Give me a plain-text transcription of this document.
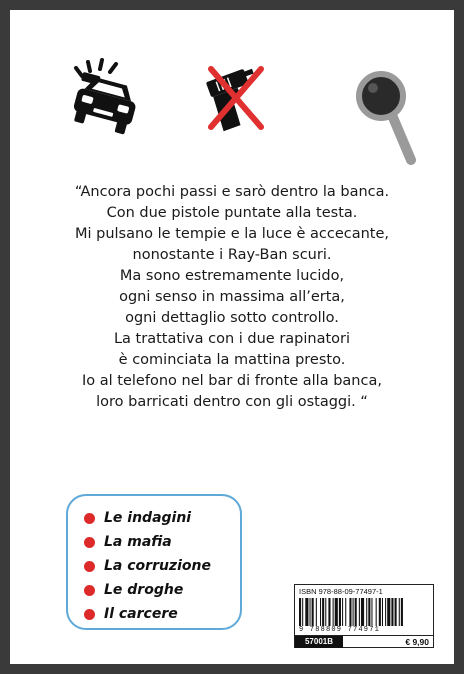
“Ancora pochi passi e sarò dentro la banca.
Con due pistole puntate alla testa.
Mi pulsano le tempie e la luce è accecante,
nonostante i Ray-Ban scuri.
Ma sono estremamente lucido,
ogni senso in massima all’erta,
ogni dettaglio sotto controllo.
La trattativa con i due rapinatori
è cominciata la mattina presto.
Io al telefono nel bar di fronte alla banca,
loro barricati dentro con gli ostaggi. “
Le indagini
La mafia
La corruzione
Le droghe
Il carcere
ISBN 978-88-09-77497-1
9 788809 774971
57001B	€ 9,90
